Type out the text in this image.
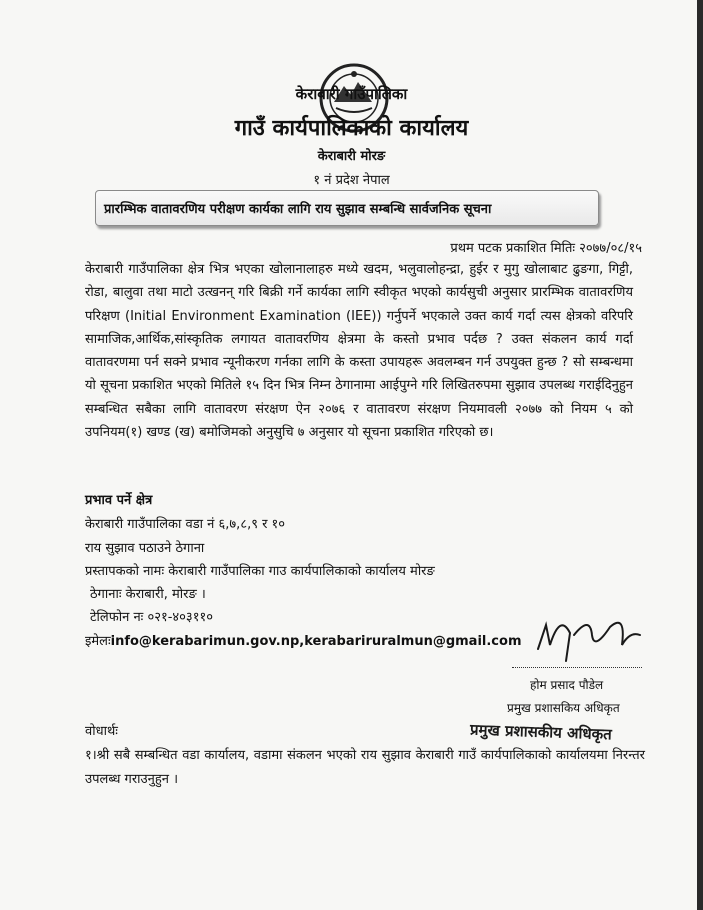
केराबारी गाउँपालिका
गाउँ कार्यपालिकाको कार्यालय
केराबारी मोरङ
१ नं प्रदेश नेपाल
प्रारम्भिक वातावरणिय परीक्षण कार्यका लागि राय सुझाव सम्बन्धि सार्वजनिक सूचना
प्रथम पटक प्रकाशित मितिः २०७७/०८/१५
केराबारी गाउँपालिका क्षेत्र भित्र भएका खोलानालाहरु मध्ये खदम, भलुवालोहन्द्रा, हुईर र मुगु खोलाबाट ढुङगा, गिट्टी, रोडा, बालुवा तथा माटो उत्खनन् गरि बिक्री गर्ने कार्यका लागि स्वीकृत भएको कार्यसुची अनुसार प्रारम्भिक वातावरणिय परिक्षण (Initial Environment Examination (IEE)) गर्नुपर्ने भएकाले उक्त कार्य गर्दा त्यस क्षेत्रको वरिपरि सामाजिक,आर्थिक,सांस्कृतिक लगायत वातावरणिय क्षेत्रमा के कस्तो प्रभाव पर्दछ ? उक्त संकलन कार्य गर्दा वातावरणमा पर्न सक्ने प्रभाव न्यूनीकरण गर्नका लागि के कस्ता उपायहरू अवलम्बन गर्न उपयुक्त हुन्छ ? सो सम्बन्धमा यो सूचना प्रकाशित भएको मितिले १५ दिन भित्र निम्न ठेगानामा आईपुग्ने गरि लिखितरुपमा सुझाव उपलब्ध गराईदिनुहुन सम्बन्धित सबैका लागि वातावरण संरक्षण ऐन २०७६ र वातावरण संरक्षण नियमावली २०७७ को नियम ५ को उपनियम(१) खण्ड (ख) बमोजिमको अनुसुचि ७ अनुसार यो सूचना प्रकाशित गरिएको छ।
प्रभाव पर्ने क्षेत्र
केराबारी गाउँपालिका वडा नं ६,७,८,९ र १०
राय सुझाव पठाउने ठेगाना
प्रस्तापकको नामः केराबारी गाउँपालिका गाउ कार्यपालिकाको कार्यालय मोरङ
ठेगानाः केराबारी, मोरङ ।
टेलिफोन नः ०२१-४०३११०
इमेलःinfo@kerabarimun.gov.np,kerabariruralmun@gmail.com
होम प्रसाद पौडेल
प्रमुख प्रशासकिय अधिकृत
प्रमुख प्रशासकीय अधिकृत
वोधार्थः
१।श्री सबै सम्बन्धित वडा कार्यालय, वडामा संकलन भएको राय सुझाव केराबारी गाउँ कार्यपालिकाको कार्यालयमा निरन्तर उपलब्ध गराउनुहुन ।
